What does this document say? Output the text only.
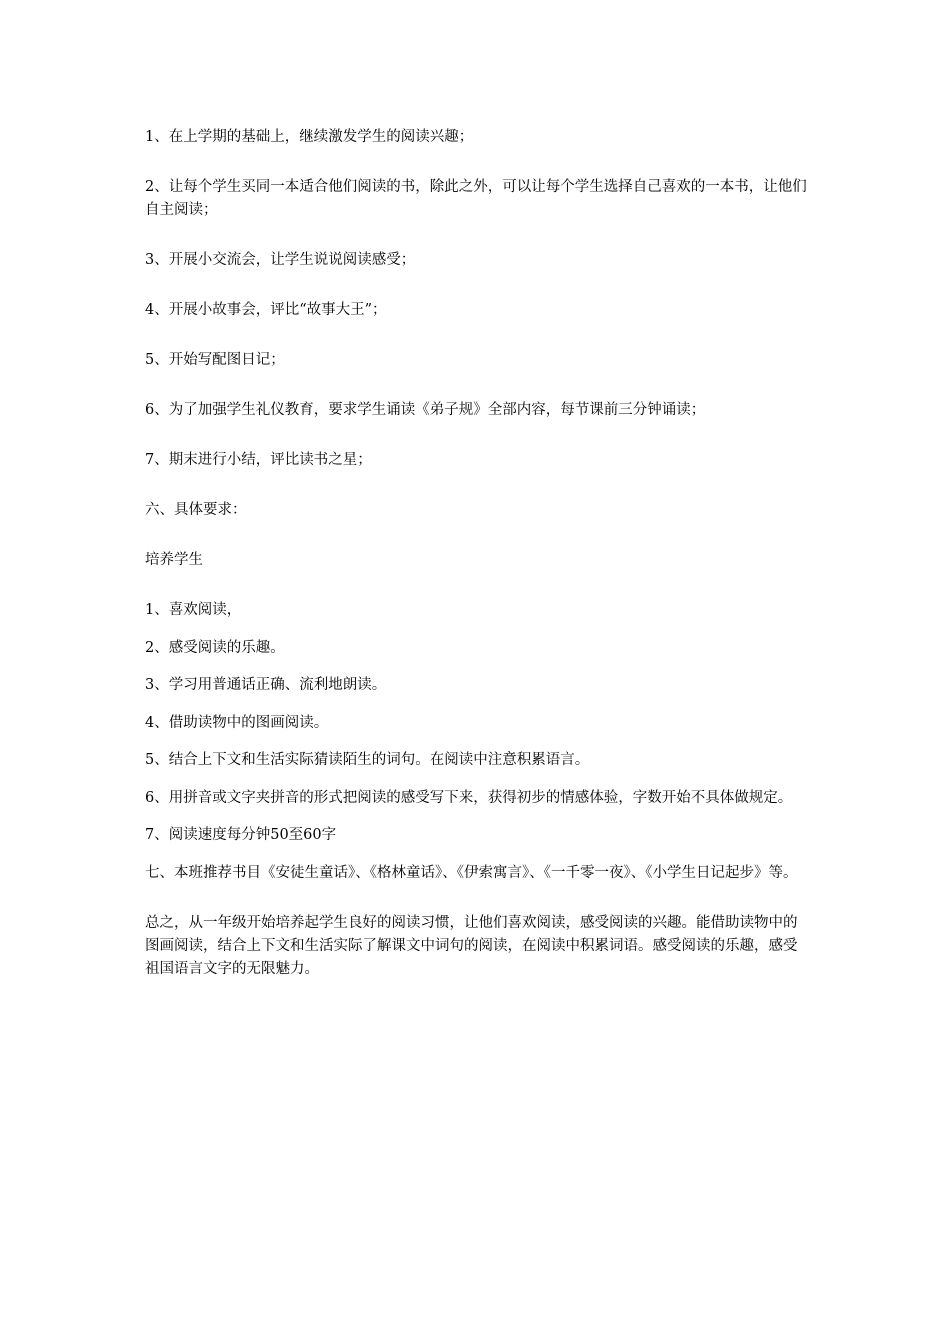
1、在上学期的基础上，继续激发学生的阅读兴趣；

2、让每个学生买同一本适合他们阅读的书，除此之外，可以让每个学生选择自己喜欢的一本书，让他们自主阅读；

3、开展小交流会，让学生说说阅读感受；

4、开展小故事会，评比“故事大王”；

5、开始写配图日记；

6、为了加强学生礼仪教育，要求学生诵读《弟子规》全部内容，每节课前三分钟诵读；

7、期末进行小结，评比读书之星；

六、具体要求：

培养学生

1、喜欢阅读，

2、感受阅读的乐趣。

3、学习用普通话正确、流利地朗读。

4、借助读物中的图画阅读。

5、结合上下文和生活实际猜读陌生的词句。在阅读中注意积累语言。

6、用拼音或文字夹拼音的形式把阅读的感受写下来，获得初步的情感体验，字数开始不具体做规定。

7、阅读速度每分钟50至60字

七、本班推荐书目《安徒生童话》、《格林童话》、《伊索寓言》、《一千零一夜》、《小学生日记起步》等。

总之，从一年级开始培养起学生良好的阅读习惯，让他们喜欢阅读，感受阅读的兴趣。能借助读物中的图画阅读，结合上下文和生活实际了解课文中词句的阅读，在阅读中积累词语。感受阅读的乐趣，感受祖国语言文字的无限魅力。
